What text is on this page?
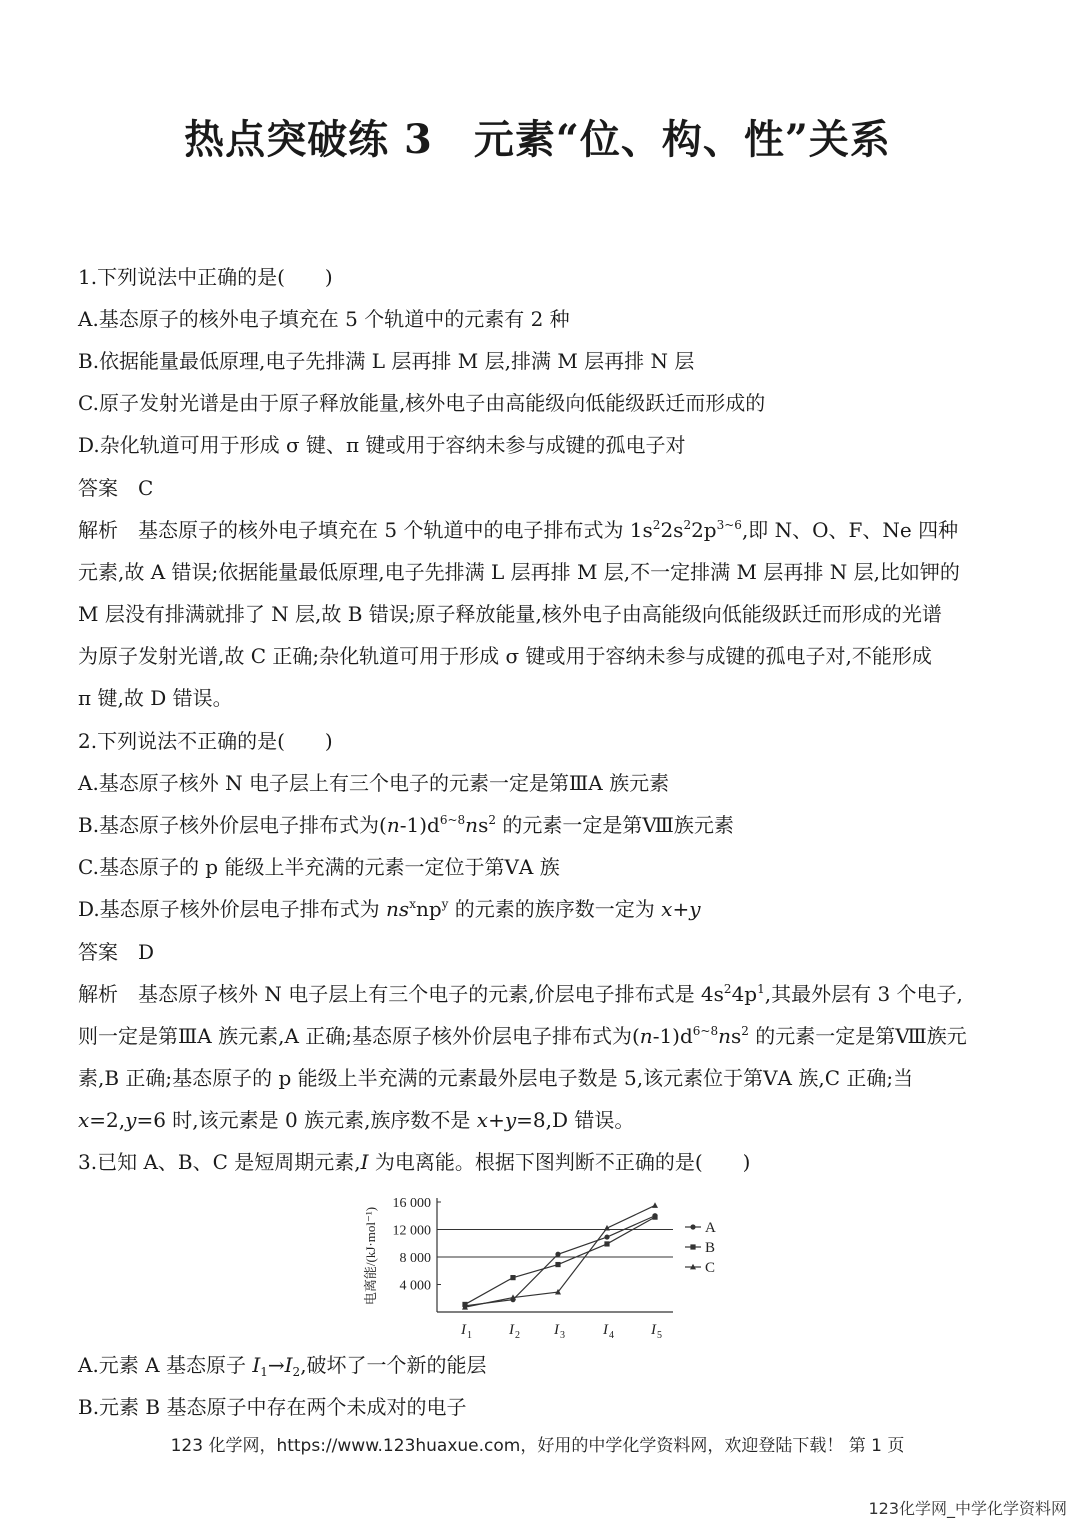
热点突破练 3　元素“位、构、性”关系
1.下列说法中正确的是(　　)
A.基态原子的核外电子填充在 5 个轨道中的元素有 2 种
B.依据能量最低原理,电子先排满 L 层再排 M 层,排满 M 层再排 N 层
C.原子发射光谱是由于原子释放能量,核外电子由高能级向低能级跃迁而形成的
D.杂化轨道可用于形成 σ 键、π 键或用于容纳未参与成键的孤电子对
答案　C
解析　基态原子的核外电子填充在 5 个轨道中的电子排布式为 $1s^22s^22p^{3\sim 6}$,即 N、O、F、Ne 四种
元素,故 A 错误;依据能量最低原理,电子先排满 L 层再排 M 层,不一定排满 M 层再排 N 层,比如钾的
M 层没有排满就排了 N 层,故 B 错误;原子释放能量,核外电子由高能级向低能级跃迁而形成的光谱
为原子发射光谱,故 C 正确;杂化轨道可用于形成 σ 键或用于容纳未参与成键的孤电子对,不能形成
π 键,故 D 错误。
2.下列说法不正确的是(　　)
A.基态原子核外 N 电子层上有三个电子的元素一定是第ⅢA 族元素
B.基态原子核外价层电子排布式为$(n-1)d^{6\sim 8}ns^2$ 的元素一定是第Ⅷ族元素
C.基态原子的 p 能级上半充满的元素一定位于第ⅤA 族
D.基态原子核外价层电子排布式为 $ns^xnp^y$ 的元素的族序数一定为 x+y
答案　D
解析　基态原子核外 N 电子层上有三个电子的元素,价层电子排布式是 $4s^24p^1$,其最外层有 3 个电子,
则一定是第ⅢA 族元素,A 正确;基态原子核外价层电子排布式为$(n-1)d^{6\sim 8}ns^2$ 的元素一定是第Ⅷ族元
素,B 正确;基态原子的 p 能级上半充满的元素最外层电子数是 5,该元素位于第ⅤA 族,C 正确;当
x=2,y=6 时,该元素是 0 族元素,族序数不是 x+y=8,D 错误。
3.已知 A、B、C 是短周期元素,I 为电离能。根据下图判断不正确的是(　　)
4 000
8 000
12 000
16 000
电离能/(kJ·mol⁻¹)
I 1 I 2 I 3	I 4 I 5
A
B
C
A.元素 A 基态原子 $I_1\to I_2$,破坏了一个新的能层
B.元素 B 基态原子中存在两个未成对的电子
123 化学网，https://www.123huaxue.com，好用的中学化学资料网，欢迎登陆下载！ 第 1 页
123化学网_中学化学资料网
